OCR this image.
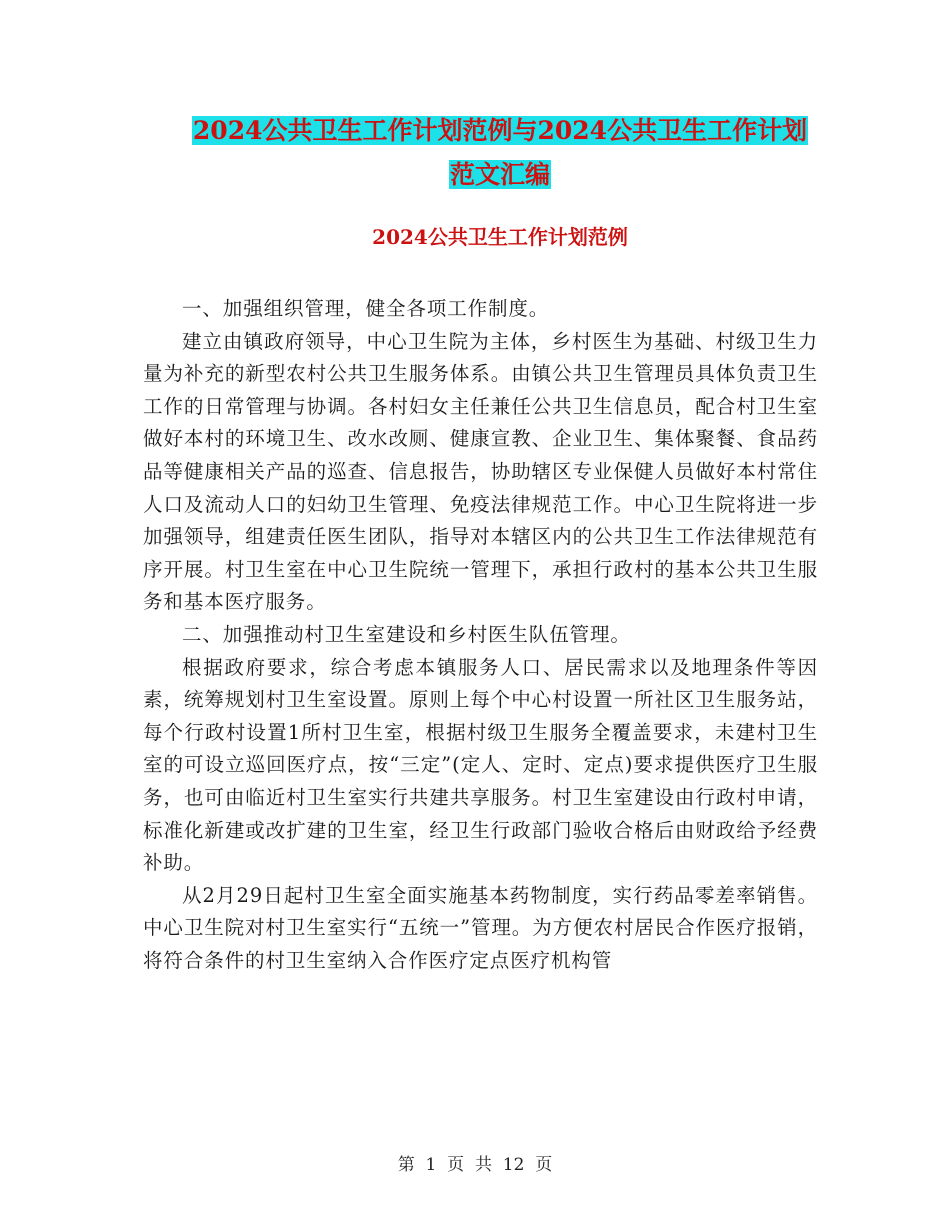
2024公共卫生工作计划范例与2024公共卫生工作计划
范文汇编
2024公共卫生工作计划范例

一、加强组织管理，健全各项工作制度。

建立由镇政府领导，中心卫生院为主体，乡村医生为基础、村级卫生力量为补充的新型农村公共卫生服务体系。由镇公共卫生管理员具体负责卫生工作的日常管理与协调。各村妇女主任兼任公共卫生信息员，配合村卫生室做好本村的环境卫生、改水改厕、健康宣教、企业卫生、集体聚餐、食品药品等健康相关产品的巡查、信息报告，协助辖区专业保健人员做好本村常住人口及流动人口的妇幼卫生管理、免疫法律规范工作。中心卫生院将进一步加强领导，组建责任医生团队，指导对本辖区内的公共卫生工作法律规范有序开展。村卫生室在中心卫生院统一管理下，承担行政村的基本公共卫生服务和基本医疗服务。

二、加强推动村卫生室建设和乡村医生队伍管理。

根据政府要求，综合考虑本镇服务人口、居民需求以及地理条件等因素，统筹规划村卫生室设置。原则上每个中心村设置一所社区卫生服务站，每个行政村设置1所村卫生室，根据村级卫生服务全覆盖要求，未建村卫生室的可设立巡回医疗点，按“三定”(定人、定时、定点)要求提供医疗卫生服务，也可由临近村卫生室实行共建共享服务。村卫生室建设由行政村申请，标准化新建或改扩建的卫生室，经卫生行政部门验收合格后由财政给予经费补助。

从2月29日起村卫生室全面实施基本药物制度，实行药品零差率销售。中心卫生院对村卫生室实行“五统一”管理。为方便农村居民合作医疗报销，将符合条件的村卫生室纳入合作医疗定点医疗机构管

第  1  页  共  12  页
